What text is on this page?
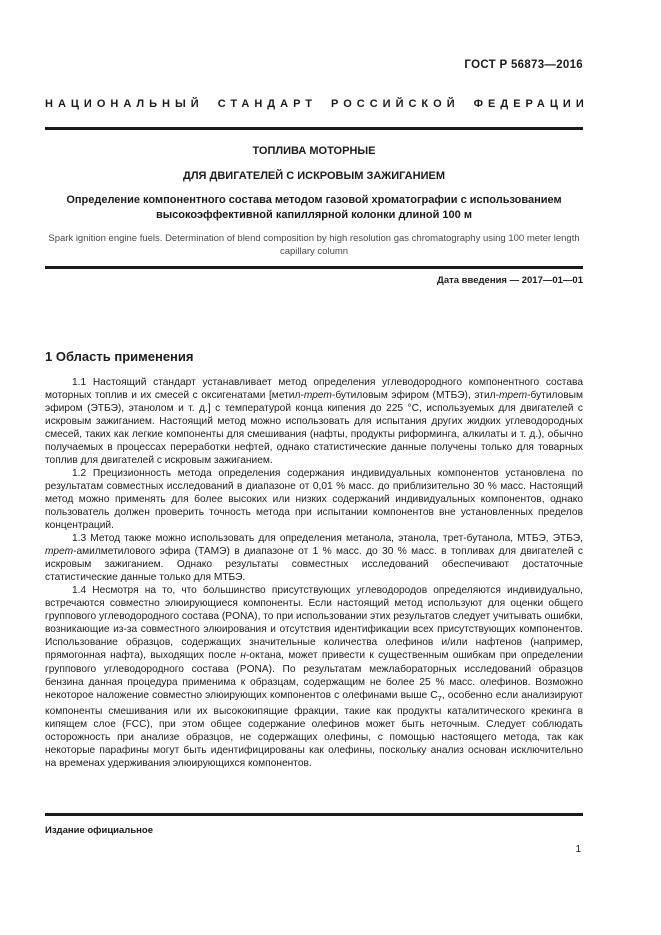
ГОСТ Р 56873—2016
НАЦИОНАЛЬНЫЙ СТАНДАРТ РОССИЙСКОЙ ФЕДЕРАЦИИ
ТОПЛИВА МОТОРНЫЕ
ДЛЯ ДВИГАТЕЛЕЙ С ИСКРОВЫМ ЗАЖИГАНИЕМ
Определение компонентного состава методом газовой хроматографии с использованием высокоэффективной капиллярной колонки длиной 100 м
Spark ignition engine fuels. Determination of blend composition by high resolution gas chromatography using 100 meter length capillary column
Дата введения — 2017—01—01
1 Область применения

1.1 Настоящий стандарт устанавливает метод определения углеводородного компонентного состава моторных топлив и их смесей с оксигенатами [метил-трет-бутиловым эфиром (МТБЭ), этил-трет-бутиловым эфиром (ЭТБЭ), этанолом и т. д.] с температурой конца кипения до 225 °С, используемых для двигателей с искровым зажиганием. Настоящий метод можно использовать для испытания других жидких углеводородных смесей, таких как легкие компоненты для смешивания (нафты, продукты риформинга, алкилаты и т. д.), обычно получаемых в процессах переработки нефтей, однако статистические данные получены только для товарных топлив для двигателей с искровым зажиганием.

1.2 Прецизионность метода определения содержания индивидуальных компонентов установлена по результатам совместных исследований в диапазоне от 0,01 % масс. до приблизительно 30 % масс. Настоящий метод можно применять для более высоких или низких содержаний индивидуальных компонентов, однако пользователь должен проверить точность метода при испытании компонентов вне установленных пределов концентраций.

1.3 Метод также можно использовать для определения метанола, этанола, трет-бутанола, МТБЭ, ЭТБЭ, трет-амилметилового эфира (ТАМЭ) в диапазоне от 1 % масс. до 30 % масс. в топливах для двигателей с искровым зажиганием. Однако результаты совместных исследований обеспечивают достаточные статистические данные только для МТБЭ.

1.4 Несмотря на то, что большинство присутствующих углеводородов определяются индивидуально, встречаются совместно элюирующиеся компоненты. Если настоящий метод используют для оценки общего группового углеводородного состава (PONA), то при использовании этих результатов следует учитывать ошибки, возникающие из-за совместного элюирования и отсутствия идентификации всех присутствующих компонентов. Использование образцов, содержащих значительные количества олефинов и/или нафтенов (например, прямогонная нафта), выходящих после н-октана, может привести к существенным ошибкам при определении группового углеводородного состава (PONA). По результатам межлабораторных исследований образцов бензина данная процедура применима к образцам, содержащим не более 25 % масс. олефинов. Возможно некоторое наложение совместно элюирующих компонентов с олефинами выше $C_7$, особенно если анализируют компоненты смешивания или их высококипящие фракции, такие как продукты каталитического крекинга в кипящем слое (FCC), при этом общее содержание олефинов может быть неточным. Следует соблюдать осторожность при анализе образцов, не содержащих олефины, с помощью настоящего метода, так как некоторые парафины могут быть идентифицированы как олефины, поскольку анализ основан исключительно на временах удерживания элюирующихся компонентов.

Издание официальное
1
